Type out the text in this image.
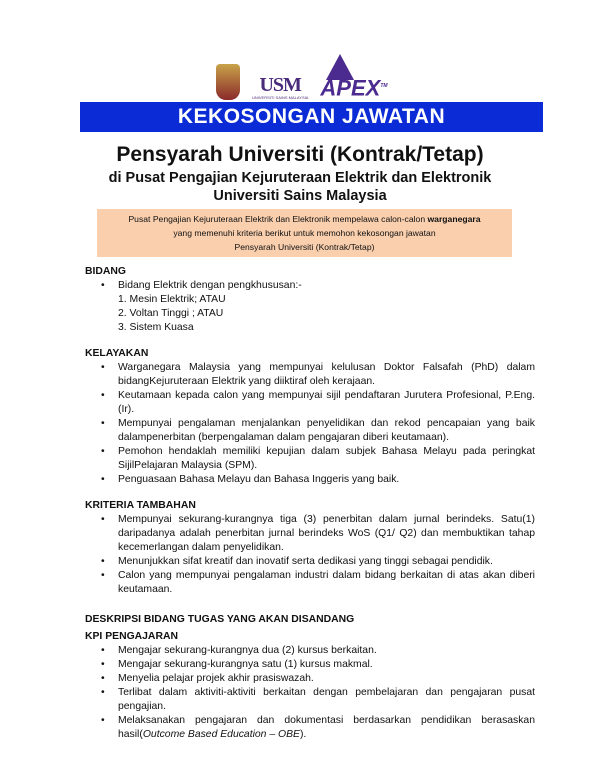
USM
UNIVERSITI SAINS MALAYSIA APEX™
KEKOSONGAN JAWATAN
Pensyarah Universiti (Kontrak/Tetap)
di Pusat Pengajian Kejuruteraan Elektrik dan Elektronik
Universiti Sains Malaysia
Pusat Pengajian Kejuruteraan Elektrik dan Elektronik mempelawa calon-calon warganegara
yang memenuhi kriteria berikut untuk memohon kekosongan jawatan
Pensyarah Universiti (Kontrak/Tetap)
BIDANG
• Bidang Elektrik dengan pengkhususan:-
1. Mesin Elektrik; ATAU
2. Voltan Tinggi ; ATAU
3. Sistem Kuasa
KELAYAKAN
• Warganegara Malaysia yang mempunyai kelulusan Doktor Falsafah (PhD) dalam bidangKejuruteraan Elektrik yang diiktiraf oleh kerajaan.
• Keutamaan kepada calon yang mempunyai sijil pendaftaran Jurutera Profesional, P.Eng. (Ir).
• Mempunyai pengalaman menjalankan penyelidikan dan rekod pencapaian yang baik dalampenerbitan (berpengalaman dalam pengajaran diberi keutamaan).
• Pemohon hendaklah memiliki kepujian dalam subjek Bahasa Melayu pada peringkat SijilPelajaran Malaysia (SPM).
• Penguasaan Bahasa Melayu dan Bahasa Inggeris yang baik.
KRITERIA TAMBAHAN
• Mempunyai sekurang-kurangnya tiga (3) penerbitan dalam jurnal berindeks. Satu(1) daripadanya adalah penerbitan jurnal berindeks WoS (Q1/ Q2) dan membuktikan tahap kecemerlangan dalam penyelidikan.
• Menunjukkan sifat kreatif dan inovatif serta dedikasi yang tinggi sebagai pendidik.
• Calon yang mempunyai pengalaman industri dalam bidang berkaitan di atas akan diberi keutamaan.
DESKRIPSI BIDANG TUGAS YANG AKAN DISANDANG
KPI PENGAJARAN
• Mengajar sekurang-kurangnya dua (2) kursus berkaitan.
• Mengajar sekurang-kurangnya satu (1) kursus makmal.
• Menyelia pelajar projek akhir prasiswazah.
• Terlibat dalam aktiviti-aktiviti berkaitan dengan pembelajaran dan pengajaran pusat pengajian.
• Melaksanakan pengajaran dan dokumentasi berdasarkan pendidikan berasaskan hasil(Outcome Based Education – OBE).
